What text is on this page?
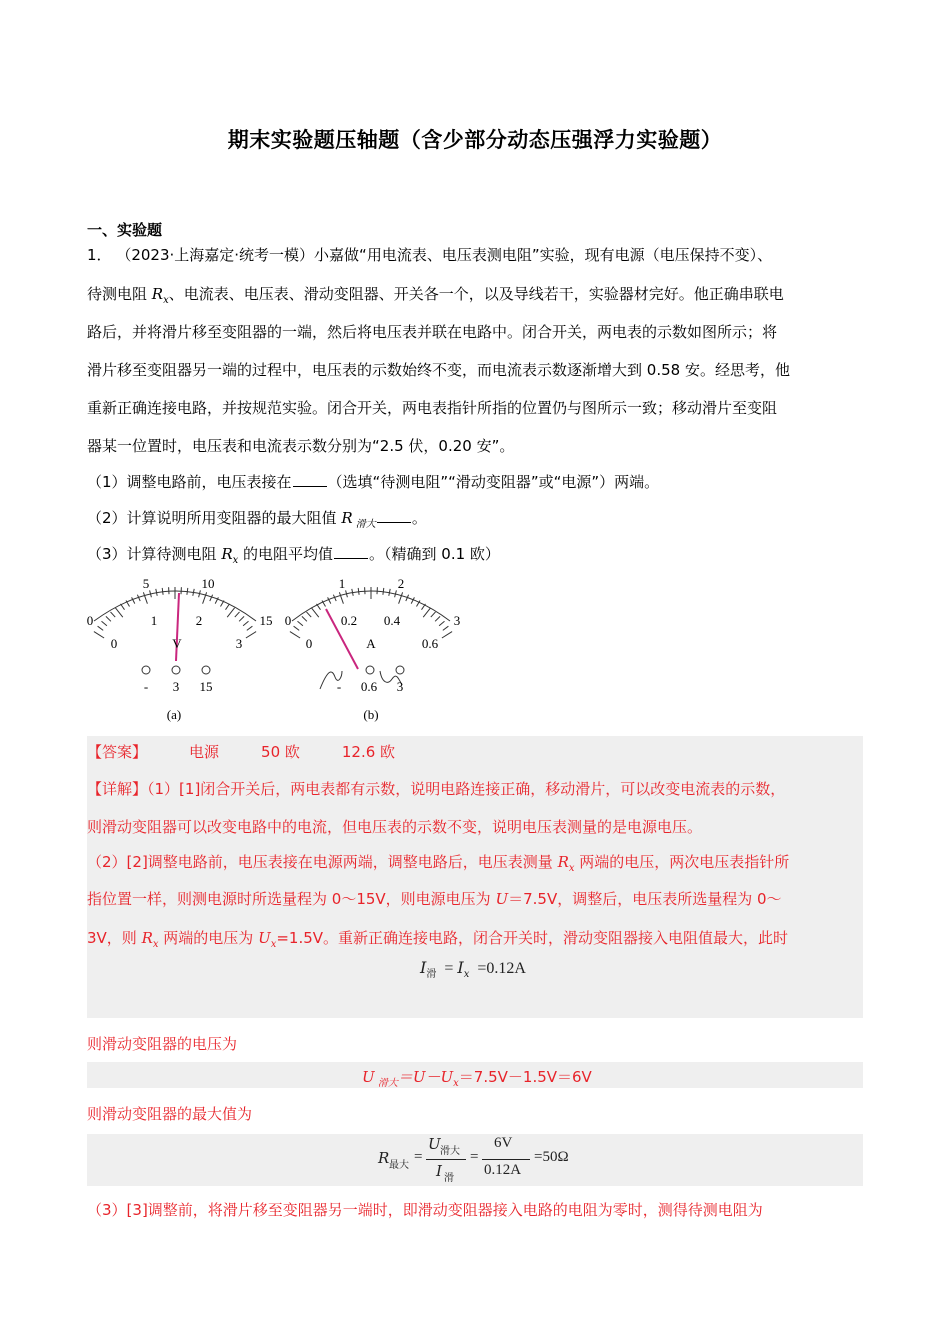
期末实验题压轴题（含少部分动态压强浮力实验题）
一、实验题
1． （2023·上海嘉定·统考一模）小嘉做“用电流表、电压表测电阻”实验，现有电源（电压保持不变）、
待测电阻 $R_x$、电流表、电压表、滑动变阻器、开关各一个，以及导线若干，实验器材完好。他正确串联电
路后，并将滑片移至变阻器的一端，然后将电压表并联在电路中。闭合开关，两电表的示数如图所示；将
滑片移至变阻器另一端的过程中，电压表的示数始终不变，而电流表示数逐渐增大到 0.58 安。经思考，他
重新正确连接电路，并按规范实验。闭合开关，两电表指针所指的位置仍与图所示一致；移动滑片至变阻
器某一位置时，电压表和电流表示数分别为“2.5 伏，0.20 安”。
（1）调整电路前，电压表接在 （选填“待测电阻”“滑动变阻器”或“电源”）两端。
（2）计算说明所用变阻器的最大阻值 R $_{滑大}$ 。
（3）计算待测电阻 $R_x$ 的电阻平均值 。（精确到 0.1 欧）
5	10
0	15
0
1	2
3
V
- 3 15
(a)
1	2
0	3
0
0.2 0.4
0.6
A
- 0.6 3
(b)
【答案】	电源	50 欧	12.6 欧
【详解】（1）[1]闭合开关后，两电表都有示数，说明电路连接正确，移动滑片，可以改变电流表的示数，
则滑动变阻器可以改变电路中的电流，但电压表的示数不变，说明电压表测量的是电源电压。
（2）[2]调整电路前，电压表接在电源两端，调整电路后，电压表测量 $R_x$ 两端的电压，两次电压表指针所
指位置一样，则测电源时所选量程为 0～15V，则电源电压为 U＝7.5V，调整后，电压表所选量程为 0～
3V，则 $R_x$ 两端的电压为 $U_x=1.5V$。重新正确连接电路，闭合开关时，滑动变阻器接入电阻值最大，此时
$I_滑 = I_x =0.12A$
则滑动变阻器的电压为
U $_{滑大}=U-U_x=7.5V-1.5V=6V$
则滑动变阻器的最大值为
R 最大
=
U 滑大
I 滑
=
6V
0.12A
=50Ω
（3）[3]调整前，将滑片移至变阻器另一端时，即滑动变阻器接入电路的电阻为零时，测得待测电阻为
